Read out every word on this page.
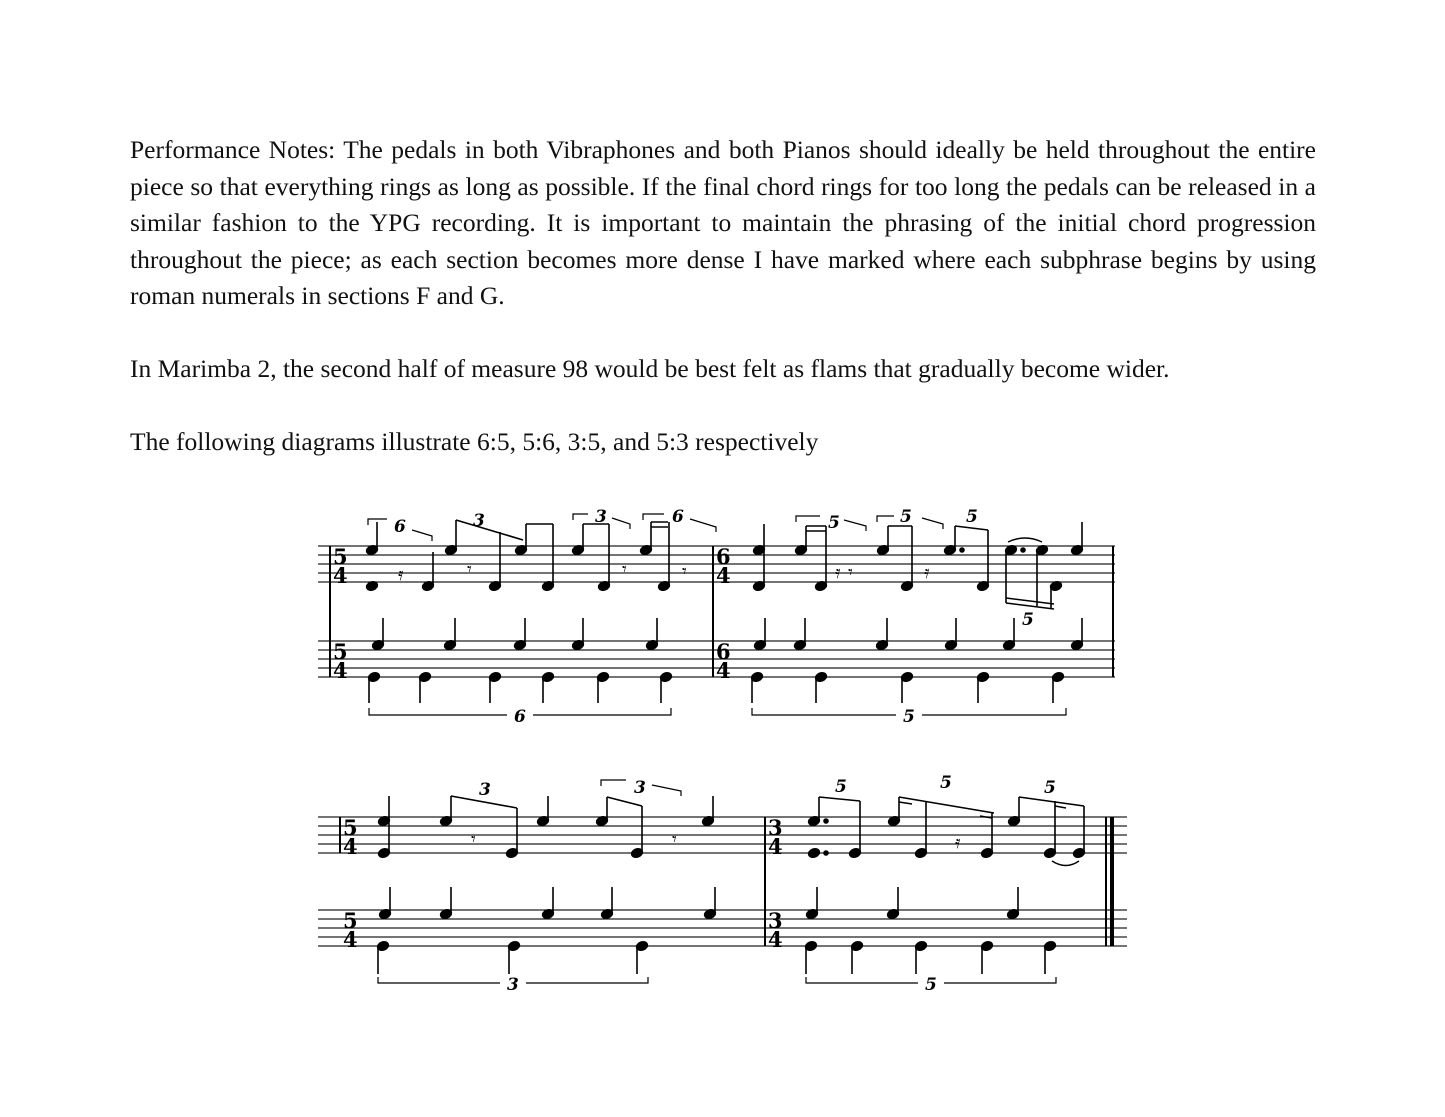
Performance Notes: The pedals in both Vibraphones and both Pianos should ideally be held throughout the entire piece so that everything rings as long as possible. If the final chord rings for too long the pedals can be released in a similar fashion to the YPG recording. It is important to maintain the phrasing of the initial chord progression throughout the piece; as each section becomes more dense I have marked where each subphrase begins by using roman numerals in sections F and G.

In Marimba 2, the second half of measure 98 would be best felt as flams that gradually become wider.

The following diagrams illustrate 6:5, 5:6, 3:5, and 5:3 respectively

5
4
5
4
6
4
6
4
𝄿	𝄾	𝄾	𝄾
6	3	3	6
𝄿 𝄾	𝄿
5	5	5
5
6	5
5
4
5
4
3
4
3
4
𝄾	𝄾
3	3
𝄿
5	5	5
3	5
